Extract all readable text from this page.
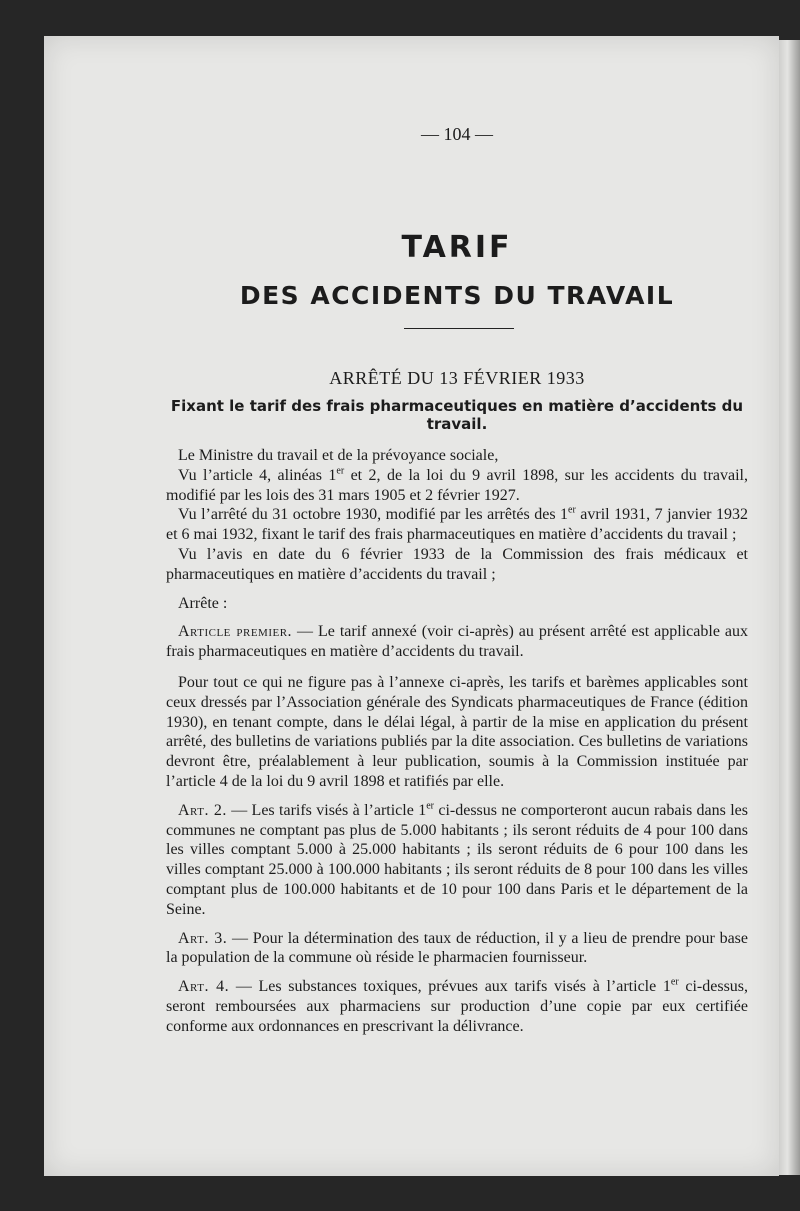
— 104 —
TARIF
DES ACCIDENTS DU TRAVAIL
ARRÊTÉ DU 13 FÉVRIER 1933
Fixant le tarif des frais pharmaceutiques en matière d’accidents du travail.

Le Ministre du travail et de la prévoyance sociale,

Vu l’article 4, alinéas 1er et 2, de la loi du 9 avril 1898, sur les accidents du travail, modifié par les lois des 31 mars 1905 et 2 février 1927.

Vu l’arrêté du 31 octobre 1930, modifié par les arrêtés des 1er avril 1931, 7 janvier 1932 et 6 mai 1932, fixant le tarif des frais pharmaceutiques en matière d’accidents du travail ;

Vu l’avis en date du 6 février 1933 de la Commission des frais médicaux et pharmaceutiques en matière d’accidents du travail ;

Arrête :

Article premier. — Le tarif annexé (voir ci-après) au présent arrêté est applicable aux frais pharmaceutiques en matière d’accidents du travail.

Pour tout ce qui ne figure pas à l’annexe ci-après, les tarifs et barèmes applicables sont ceux dressés par l’Association générale des Syndicats pharmaceutiques de France (édition 1930), en tenant compte, dans le délai légal, à partir de la mise en application du présent arrêté, des bulletins de variations publiés par la dite association. Ces bulletins de variations devront être, préalablement à leur publication, soumis à la Commission instituée par l’article 4 de la loi du 9 avril 1898 et ratifiés par elle.

Art. 2. — Les tarifs visés à l’article 1er ci-dessus ne comporteront aucun rabais dans les communes ne comptant pas plus de 5.000 habitants ; ils seront réduits de 4 pour 100 dans les villes comptant 5.000 à 25.000 habitants ; ils seront réduits de 6 pour 100 dans les villes comptant 25.000 à 100.000 habitants ; ils seront réduits de 8 pour 100 dans les villes comptant plus de 100.000 habitants et de 10 pour 100 dans Paris et le département de la Seine.

Art. 3. — Pour la détermination des taux de réduction, il y a lieu de prendre pour base la population de la commune où réside le pharmacien fournisseur.

Art. 4. — Les substances toxiques, prévues aux tarifs visés à l’article 1er ci-dessus, seront remboursées aux pharmaciens sur production d’une copie par eux certifiée conforme aux ordonnances en prescrivant la délivrance.
